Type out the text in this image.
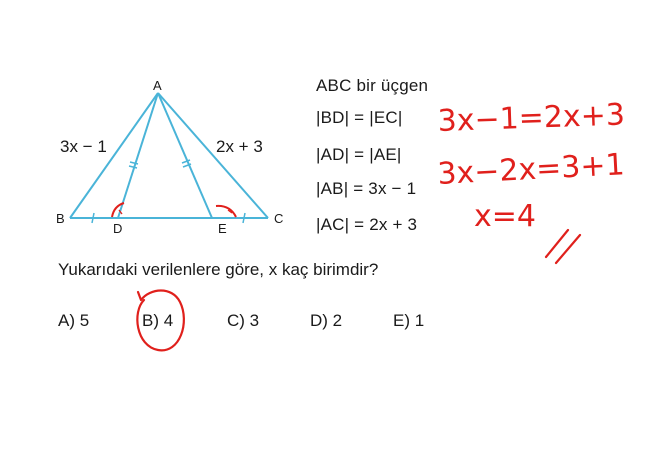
A
B	C
D	E
3x − 1	2x + 3
ABC bir üçgen
|BD| = |EC|
|AD| = |AE|
|AB| = 3x − 1
|AC| = 2x + 3
Yukarıdaki verilenlere göre, x kaç birimdir?
A) 5	B) 4	C) 3	D) 2	E) 1
3x−1=2x+3
3x−2x=3+1
x=4
